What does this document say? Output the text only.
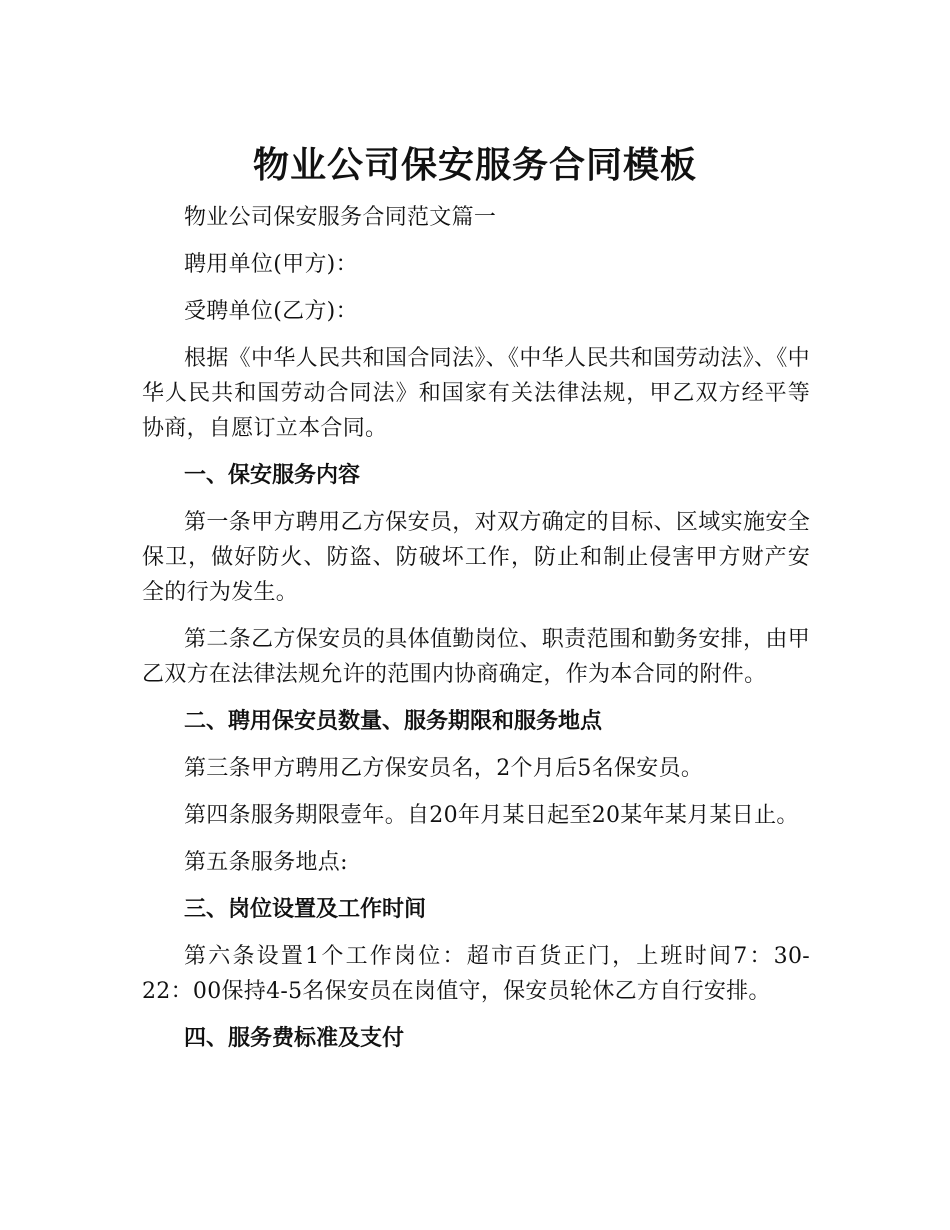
物业公司保安服务合同模板

物业公司保安服务合同范文篇一

聘用单位(甲方)：

受聘单位(乙方)：

根据《中华人民共和国合同法》、《中华人民共和国劳动法》、《中华人民共和国劳动合同法》和国家有关法律法规，甲乙双方经平等协商，自愿订立本合同。

一、保安服务内容

第一条甲方聘用乙方保安员，对双方确定的目标、区域实施安全保卫，做好防火、防盗、防破坏工作，防止和制止侵害甲方财产安全的行为发生。

第二条乙方保安员的具体值勤岗位、职责范围和勤务安排，由甲乙双方在法律法规允许的范围内协商确定，作为本合同的附件。

二、聘用保安员数量、服务期限和服务地点

第三条甲方聘用乙方保安员名，2个月后5名保安员。

第四条服务期限壹年。自20年月某日起至20某年某月某日止。

第五条服务地点:

三、岗位设置及工作时间

第六条设置1个工作岗位：超市百货正门，上班时间7：30-22：00保持4-5名保安员在岗值守，保安员轮休乙方自行安排。

四、服务费标准及支付
